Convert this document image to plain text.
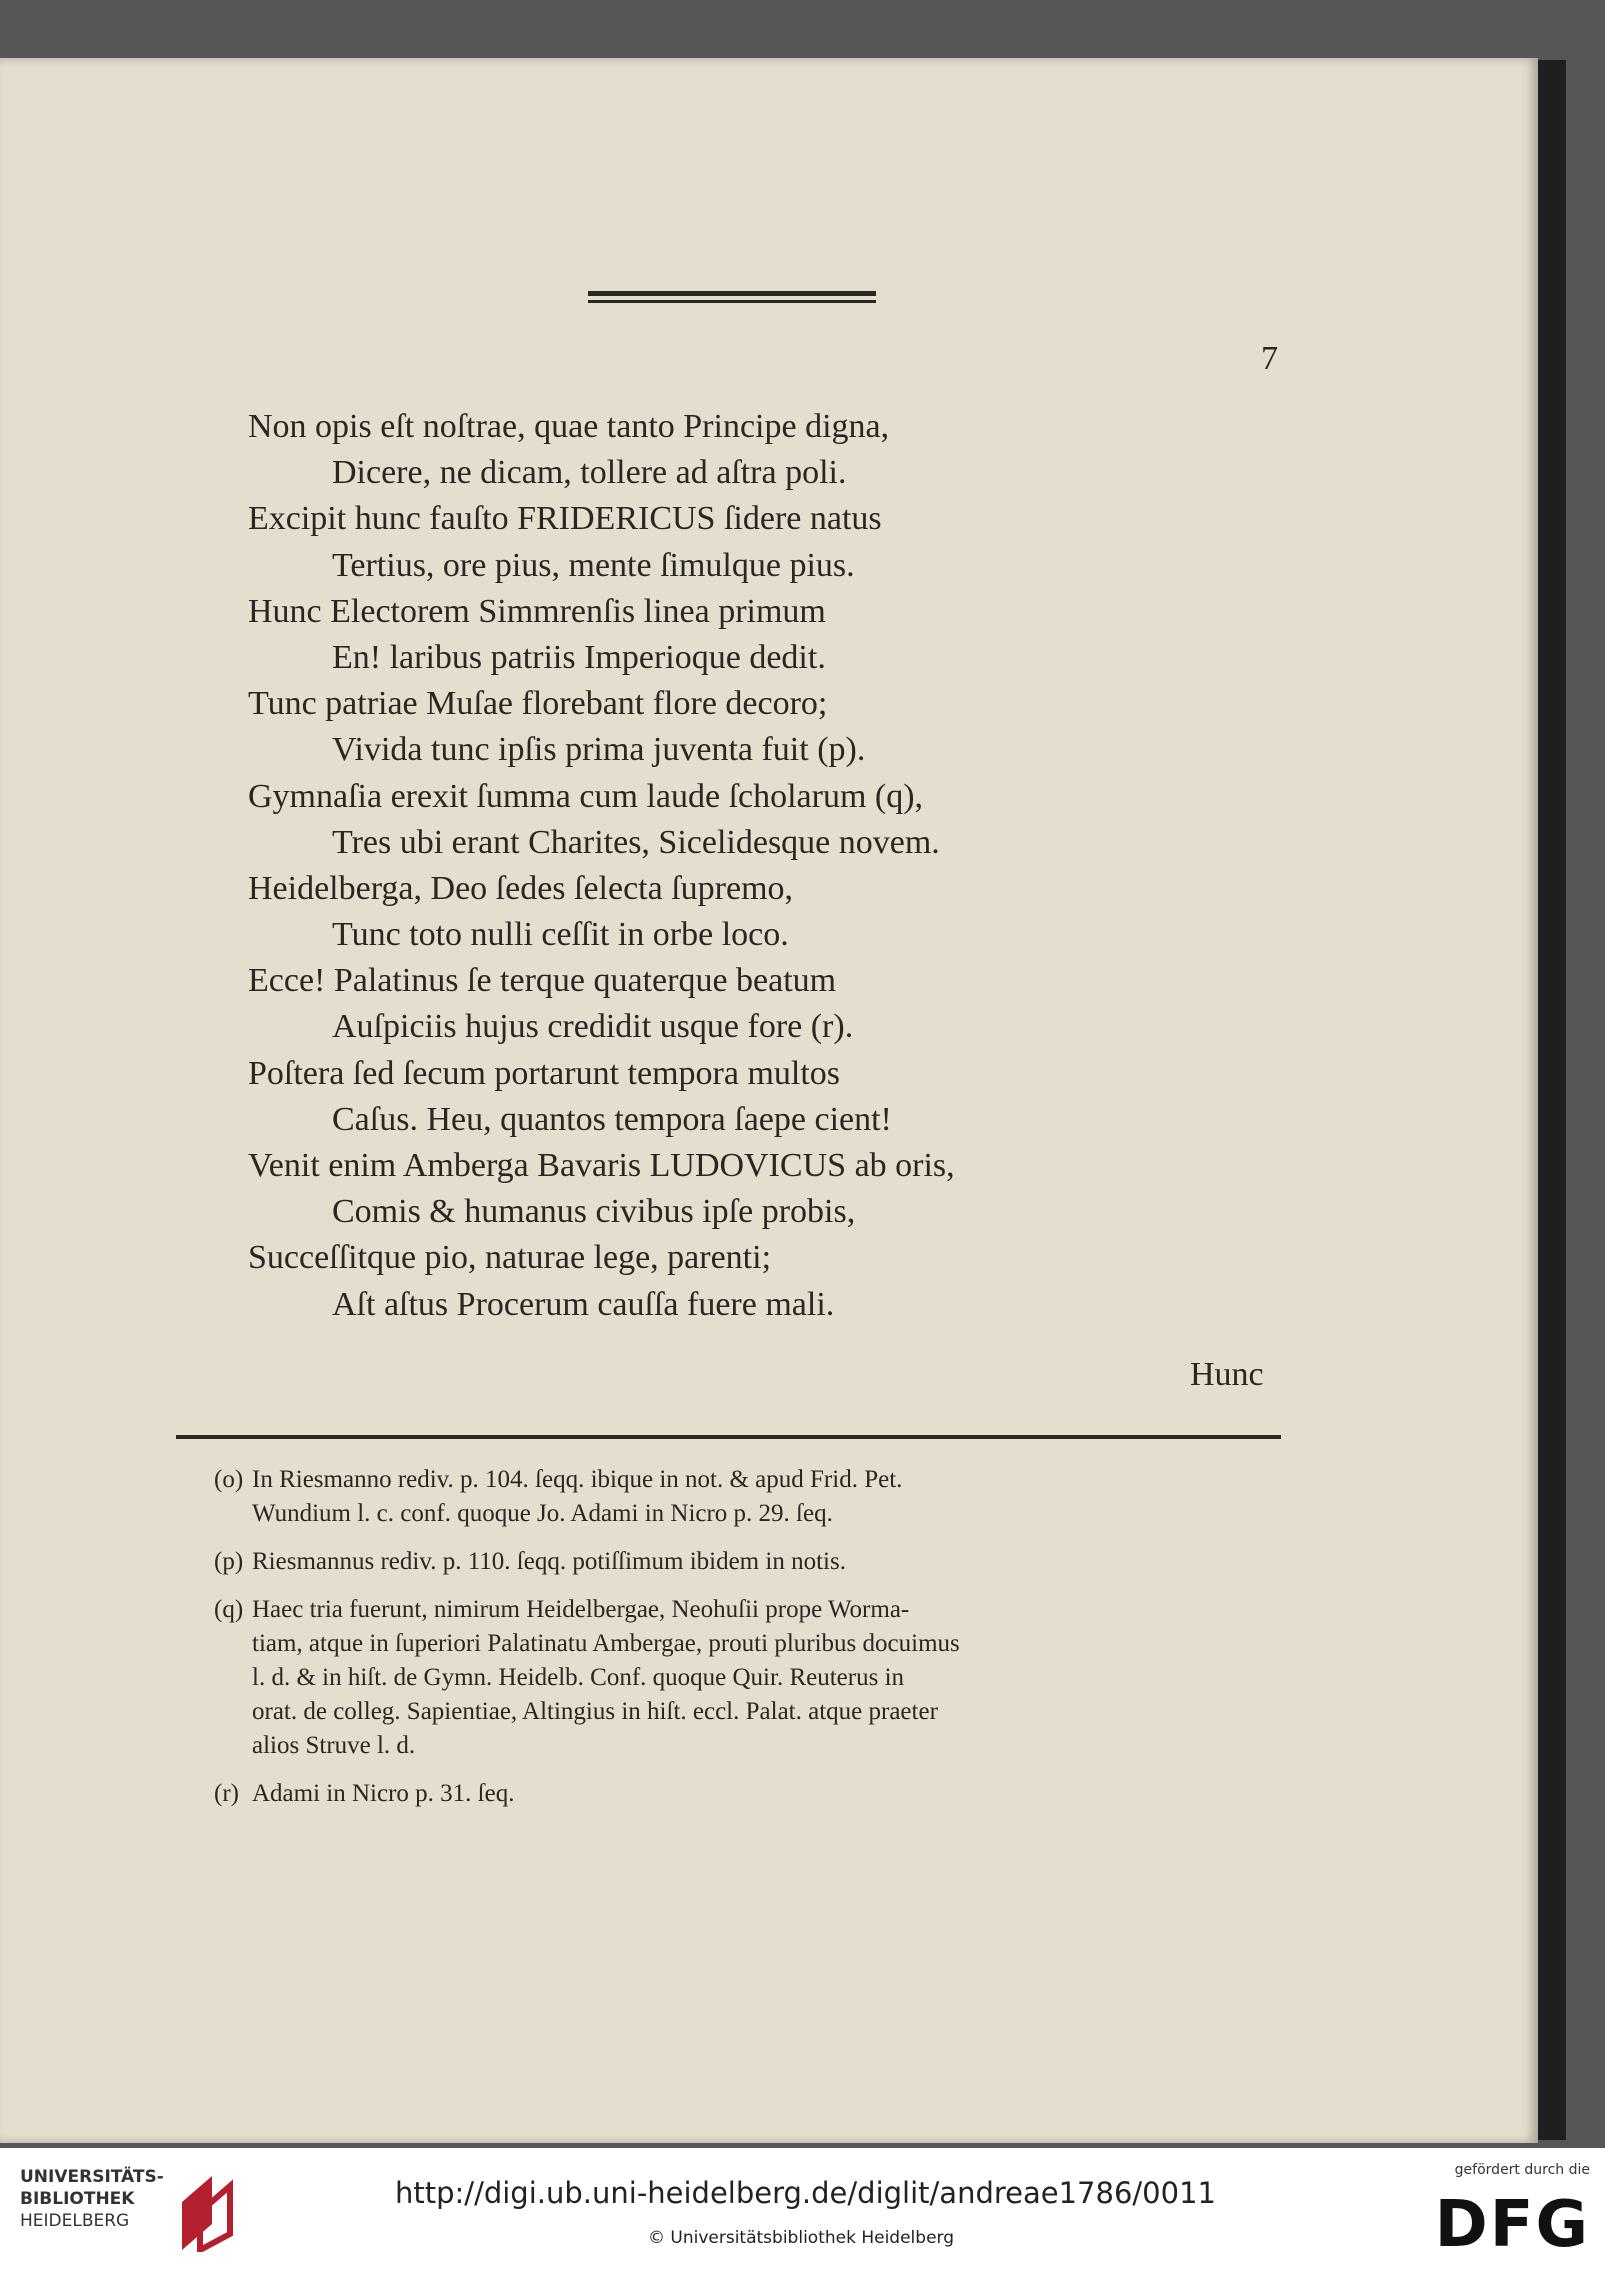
7
Non opis eſt noſtrae, quae tanto Principe digna,
Dicere, ne dicam, tollere ad aſtra poli.
Excipit hunc fauſto FRIDERICUS ſidere natus
Tertius, ore pius, mente ſimulque pius.
Hunc Electorem Simmrenſis linea primum
En! laribus patriis Imperioque dedit.
Tunc patriae Muſae florebant flore decoro;
Vivida tunc ipſis prima juventa fuit (p).
Gymnaſia erexit ſumma cum laude ſcholarum (q),
Tres ubi erant Charites, Sicelidesque novem.
Heidelberga, Deo ſedes ſelecta ſupremo,
Tunc toto nulli ceſſit in orbe loco.
Ecce! Palatinus ſe terque quaterque beatum
Auſpiciis hujus credidit usque fore (r).
Poſtera ſed ſecum portarunt tempora multos
Caſus. Heu, quantos tempora ſaepe cient!
Venit enim Amberga Bavaris LUDOVICUS ab oris,
Comis & humanus civibus ipſe probis,
Succeſſitque pio, naturae lege, parenti;
Aſt aſtus Procerum cauſſa fuere mali.
Hunc
(o) In Riesmanno rediv. p. 104. ſeqq. ibique in not. & apud Frid. Pet.
Wundium l. c. conf. quoque Jo. Adami in Nicro p. 29. ſeq.
(p) Riesmannus rediv. p. 110. ſeqq. potiſſimum ibidem in notis.
(q) Haec tria fuerunt, nimirum Heidelbergae, Neohuſii prope Worma-
tiam, atque in ſuperiori Palatinatu Ambergae, prouti pluribus docuimus
l. d. & in hiſt. de Gymn. Heidelb. Conf. quoque Quir. Reuterus in
orat. de colleg. Sapientiae, Altingius in hiſt. eccl. Palat. atque praeter
alios Struve l. d.
(r) Adami in Nicro p. 31. ſeq.
UNIVERSITÄTS-
BIBLIOTHEK
HEIDELBERG
http://digi.ub.uni-heidelberg.de/diglit/andreae1786/0011
© Universitätsbibliothek Heidelberg
gefördert durch die
DFG
